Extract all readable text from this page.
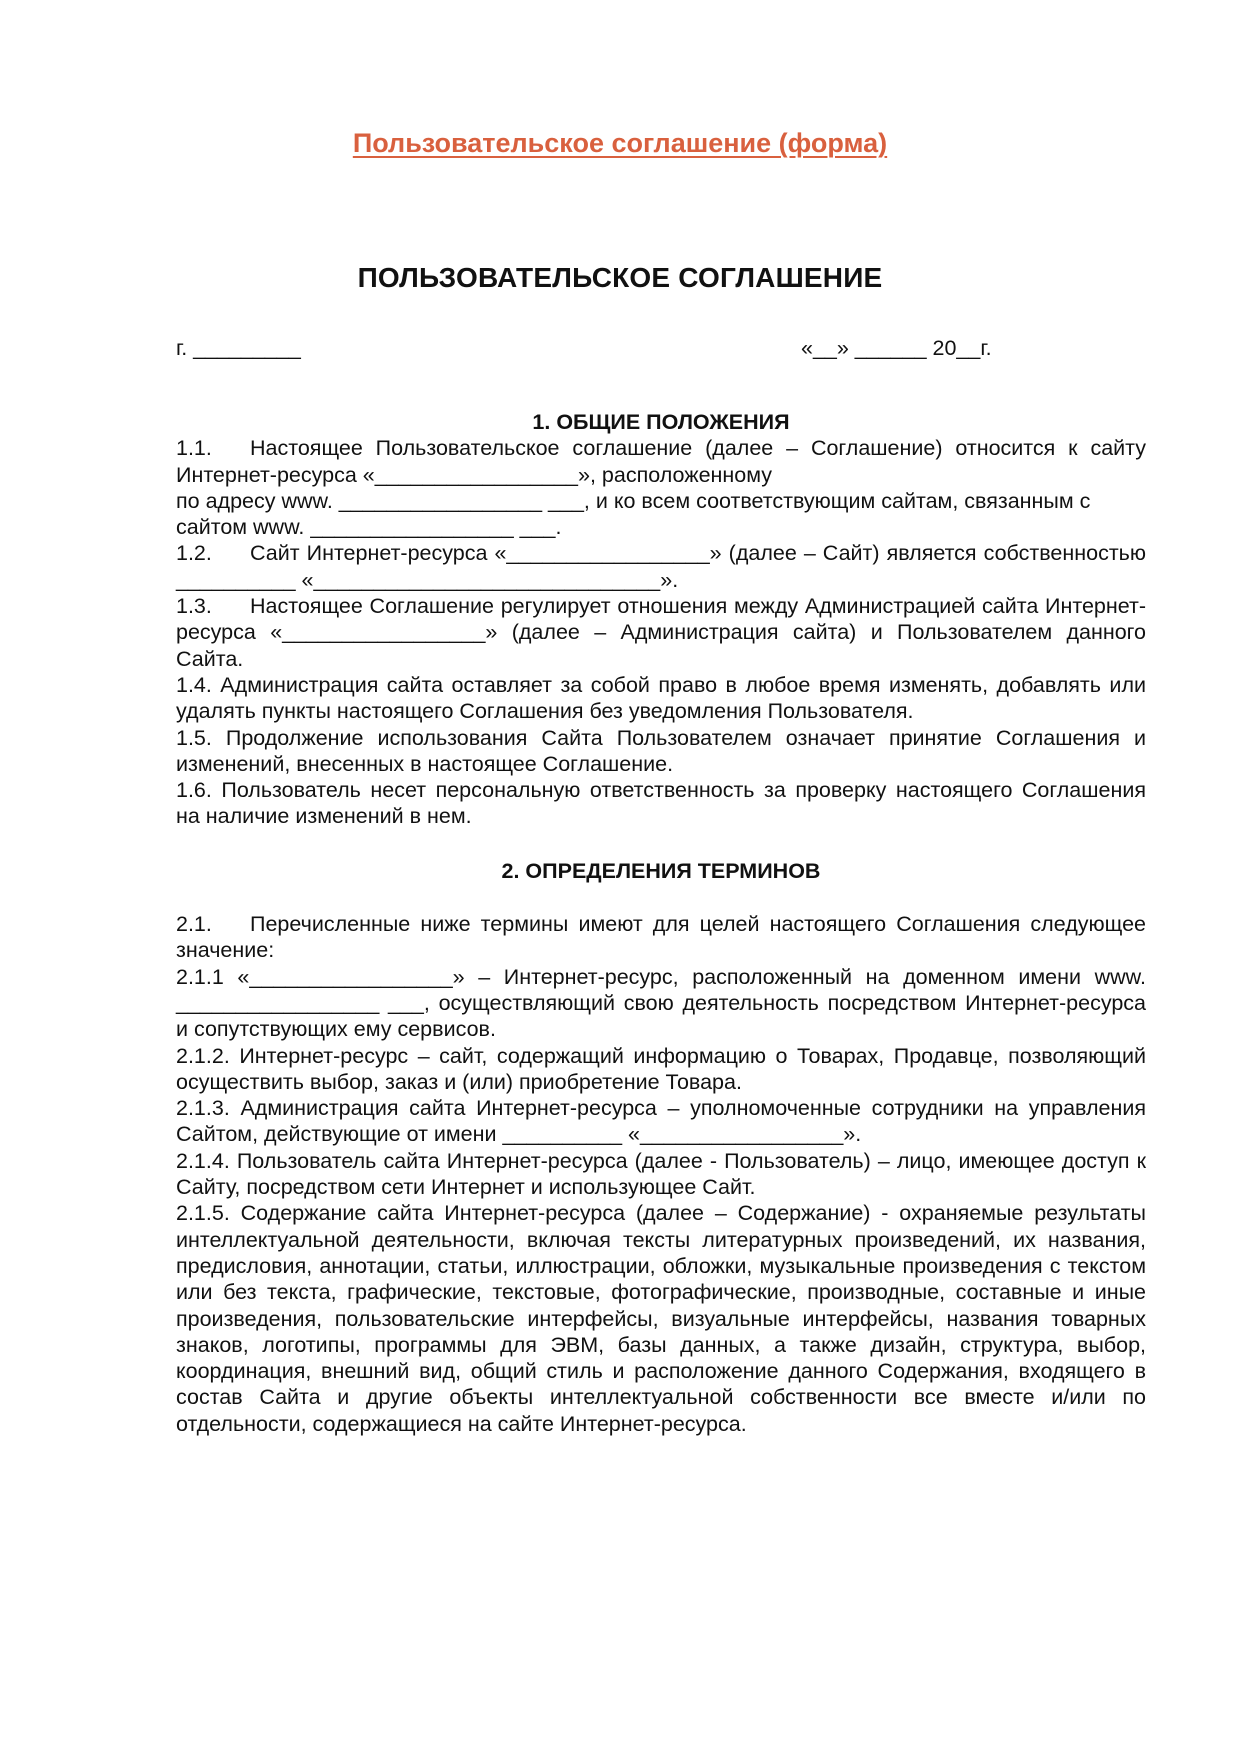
Пользовательское соглашение (форма)
ПОЛЬЗОВАТЕЛЬСКОЕ СОГЛАШЕНИЕ
г. _________	«__» ______ 20__г.

1. ОБЩИЕ ПОЛОЖЕНИЯ

1.1. Настоящее Пользовательское соглашение (далее – Соглашение) относится к сайту Интернет-ресурса «_________________», расположенному

по адресу www. _________________ ___, и ко всем соответствующим сайтам, связанным с сайтом www. _________________ ___.

1.2. Сайт Интернет-ресурса «_________________» (далее – Сайт) является собственностью __________ «_____________________________».

1.3. Настоящее Соглашение регулирует отношения между Администрацией сайта Интернет-ресурса «_________________» (далее – Администрация сайта) и Пользователем данного Сайта.

1.4. Администрация сайта оставляет за собой право в любое время изменять, добавлять или удалять пункты настоящего Соглашения без уведомления Пользователя.

1.5. Продолжение использования Сайта Пользователем означает принятие Соглашения и изменений, внесенных в настоящее Соглашение.

1.6. Пользователь несет персональную ответственность за проверку настоящего Соглашения на наличие изменений в нем.

2. ОПРЕДЕЛЕНИЯ ТЕРМИНОВ

2.1. Перечисленные ниже термины имеют для целей настоящего Соглашения следующее значение:

2.1.1 «_________________» – Интернет-ресурс, расположенный на доменном имени www. _________________ ___, осуществляющий свою деятельность посредством Интернет-ресурса и сопутствующих ему сервисов.

2.1.2. Интернет-ресурс – сайт, содержащий информацию о Товарах, Продавце, позволяющий осуществить выбор, заказ и (или) приобретение Товара.

2.1.3. Администрация сайта Интернет-ресурса – уполномоченные сотрудники на управления Сайтом, действующие от имени __________ «_________________».

2.1.4. Пользователь сайта Интернет-ресурса (далее ‐ Пользователь) – лицо, имеющее доступ к Сайту, посредством сети Интернет и использующее Сайт.

2.1.5. Содержание сайта Интернет-ресурса (далее – Содержание) - охраняемые результаты интеллектуальной деятельности, включая тексты литературных произведений, их названия, предисловия, аннотации, статьи, иллюстрации, обложки, музыкальные произведения с текстом или без текста, графические, текстовые, фотографические, производные, составные и иные произведения, пользовательские интерфейсы, визуальные интерфейсы, названия товарных знаков, логотипы, программы для ЭВМ, базы данных, а также дизайн, структура, выбор, координация, внешний вид, общий стиль и расположение данного Содержания, входящего в состав Сайта и другие объекты интеллектуальной собственности все вместе и/или по отдельности, содержащиеся на сайте Интернет-ресурса.
